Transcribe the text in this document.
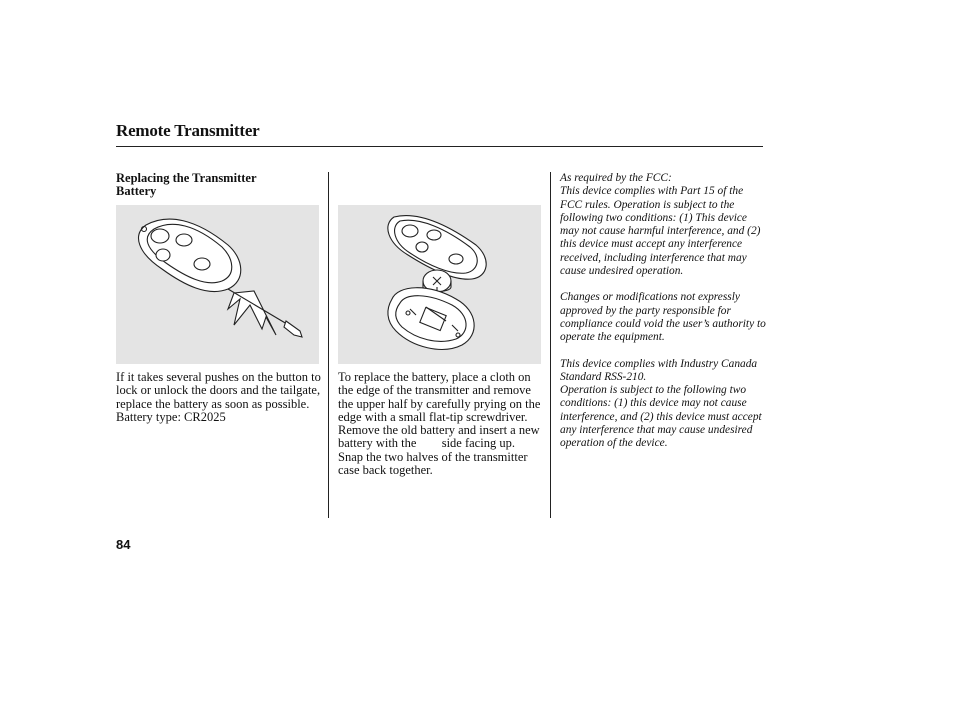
Remote Transmitter

Replacing the Transmitter Battery

If it takes several pushes on the button to lock or unlock the doors and the tailgate, replace the battery as soon as possible.

Battery type: CR2025

To replace the battery, place a cloth on the edge of the transmitter and remove the upper half by carefully prying on the edge with a small flat-tip screwdriver. Remove the old battery and insert a new battery with the  side facing up. Snap the two halves of the transmitter case back together.

As required by the FCC:

This device complies with Part 15 of the FCC rules. Operation is subject to the following two conditions: (1) This device may not cause harmful interference, and (2) this device must accept any interference received, including interference that may cause undesired operation.

Changes or modifications not expressly approved by the party responsible for compliance could void the user’s authority to operate the equipment.

This device complies with Industry Canada Standard RSS-210.

Operation is subject to the following two conditions: (1) this device may not cause interference, and (2) this device must accept any interference that may cause undesired operation of the device.

84
